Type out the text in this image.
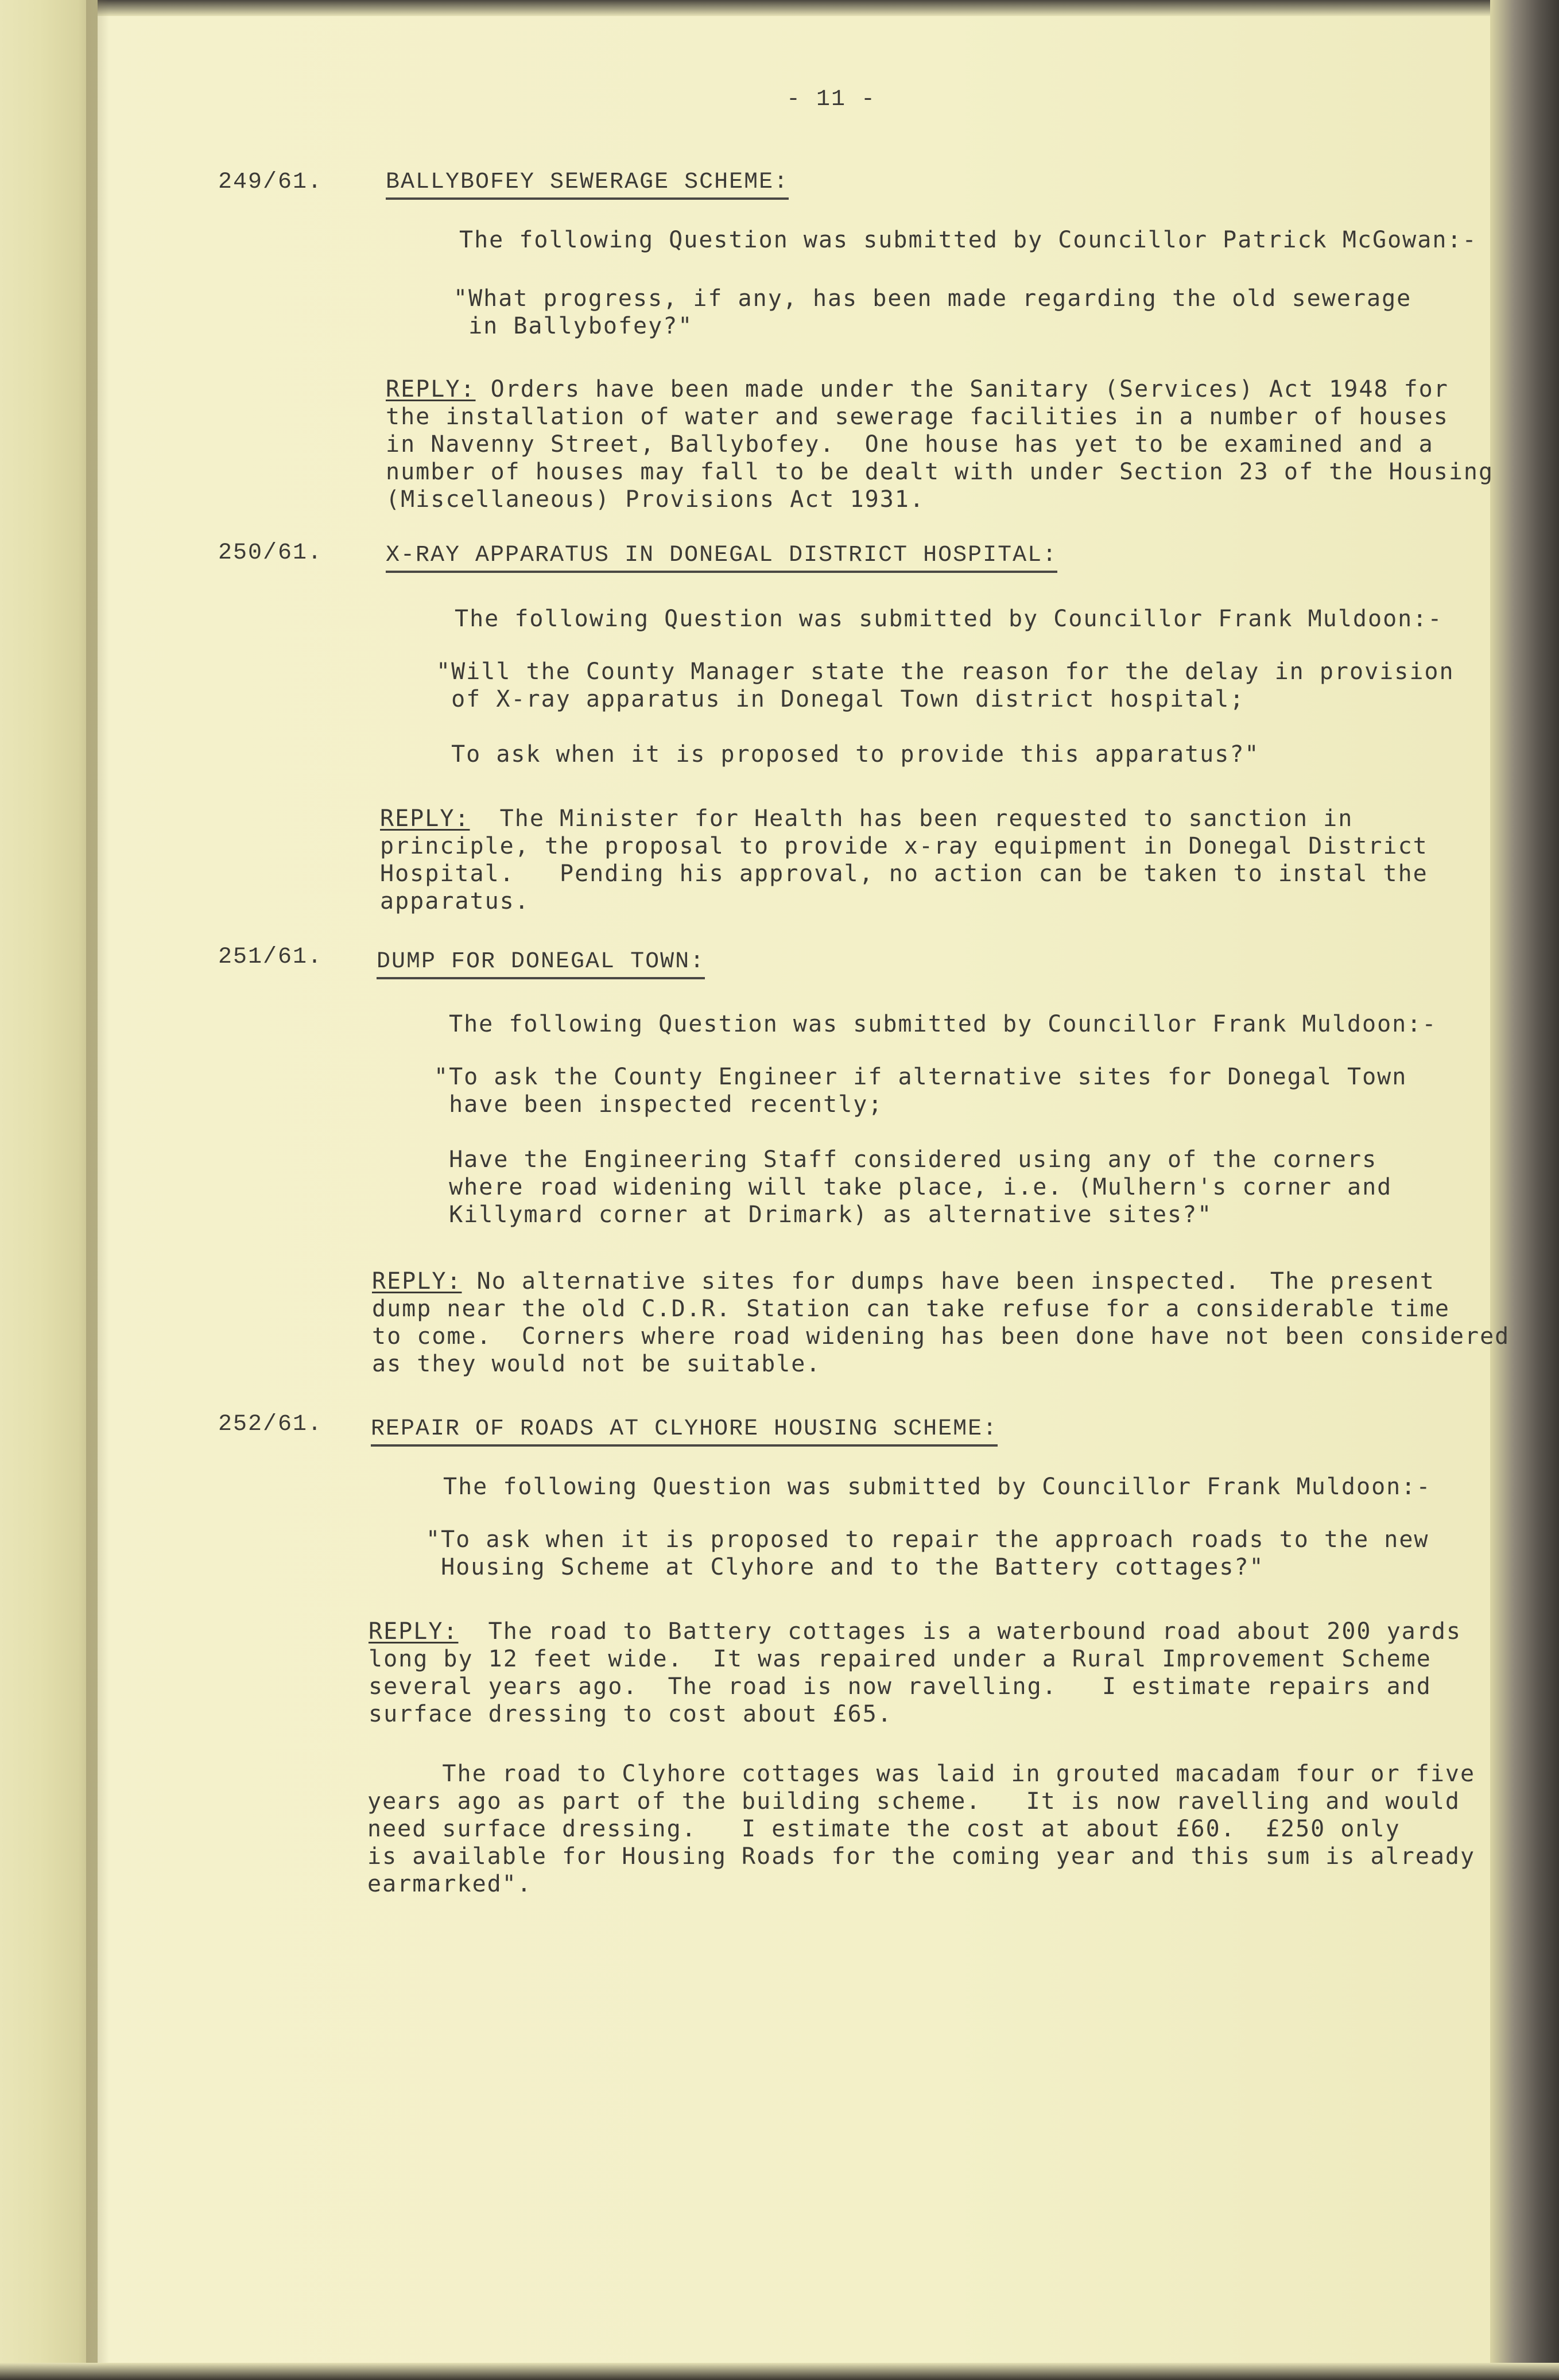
- 11 -
249/61.	BALLYBOFEY SEWERAGE SCHEME:
The following Question was submitted by Councillor Patrick McGowan:-
"What progress, if any, has been made regarding the old sewerage
in Ballybofey?"
REPLY: Orders have been made under the Sanitary (Services) Act 1948 for
the installation of water and sewerage facilities in a number of houses
in Navenny Street, Ballybofey.  One house has yet to be examined and a
number of houses may fall to be dealt with under Section 23 of the Housing
(Miscellaneous) Provisions Act 1931.
250/61.	X-RAY APPARATUS IN DONEGAL DISTRICT HOSPITAL:
The following Question was submitted by Councillor Frank Muldoon:-
"Will the County Manager state the reason for the delay in provision
of X-ray apparatus in Donegal Town district hospital;

To ask when it is proposed to provide this apparatus?"
REPLY:  The Minister for Health has been requested to sanction in
principle, the proposal to provide x-ray equipment in Donegal District
Hospital.   Pending his approval, no action can be taken to instal the
apparatus.
251/61. DUMP FOR DONEGAL TOWN:
The following Question was submitted by Councillor Frank Muldoon:-
"To ask the County Engineer if alternative sites for Donegal Town
have been inspected recently;

Have the Engineering Staff considered using any of the corners
where road widening will take place, i.e. (Mulhern's corner and
Killymard corner at Drimark) as alternative sites?"
REPLY: No alternative sites for dumps have been inspected.  The present
dump near the old C.D.R. Station can take refuse for a considerable time
to come.  Corners where road widening has been done have not been considered
as they would not be suitable.
252/61. REPAIR OF ROADS AT CLYHORE HOUSING SCHEME:
The following Question was submitted by Councillor Frank Muldoon:-
"To ask when it is proposed to repair the approach roads to the new
Housing Scheme at Clyhore and to the Battery cottages?"
REPLY:  The road to Battery cottages is a waterbound road about 200 yards
long by 12 feet wide.  It was repaired under a Rural Improvement Scheme
several years ago.  The road is now ravelling.   I estimate repairs and
surface dressing to cost about £65.
The road to Clyhore cottages was laid in grouted macadam four or five
years ago as part of the building scheme.   It is now ravelling and would
need surface dressing.   I estimate the cost at about £60.  £250 only
is available for Housing Roads for the coming year and this sum is already
earmarked".
